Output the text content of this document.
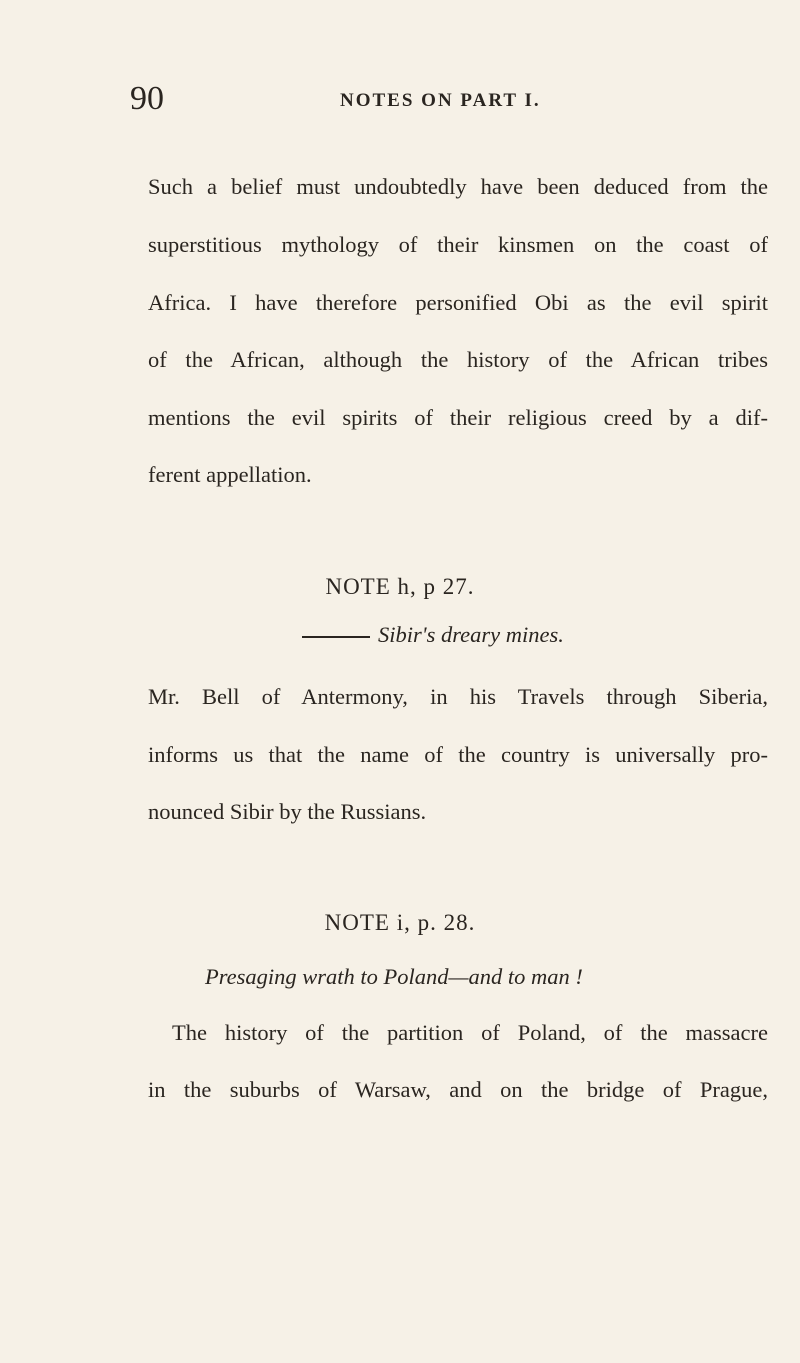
90	NOTES ON PART I.
Such a belief must undoubtedly have been deduced from the
superstitious mythology of their kinsmen on the coast of
Africa. I have therefore personified Obi as the evil spirit
of the African, although the history of the African tribes
mentions the evil spirits of their religious creed by a dif-
ferent appellation.
NOTE h, p 27.
Sibir's dreary mines.
Mr. Bell of Antermony, in his Travels through Siberia,
informs us that the name of the country is universally pro-
nounced Sibir by the Russians.
NOTE i, p. 28.
Presaging wrath to Poland—and to man !
The history of the partition of Poland, of the massacre
in the suburbs of Warsaw, and on the bridge of Prague,
